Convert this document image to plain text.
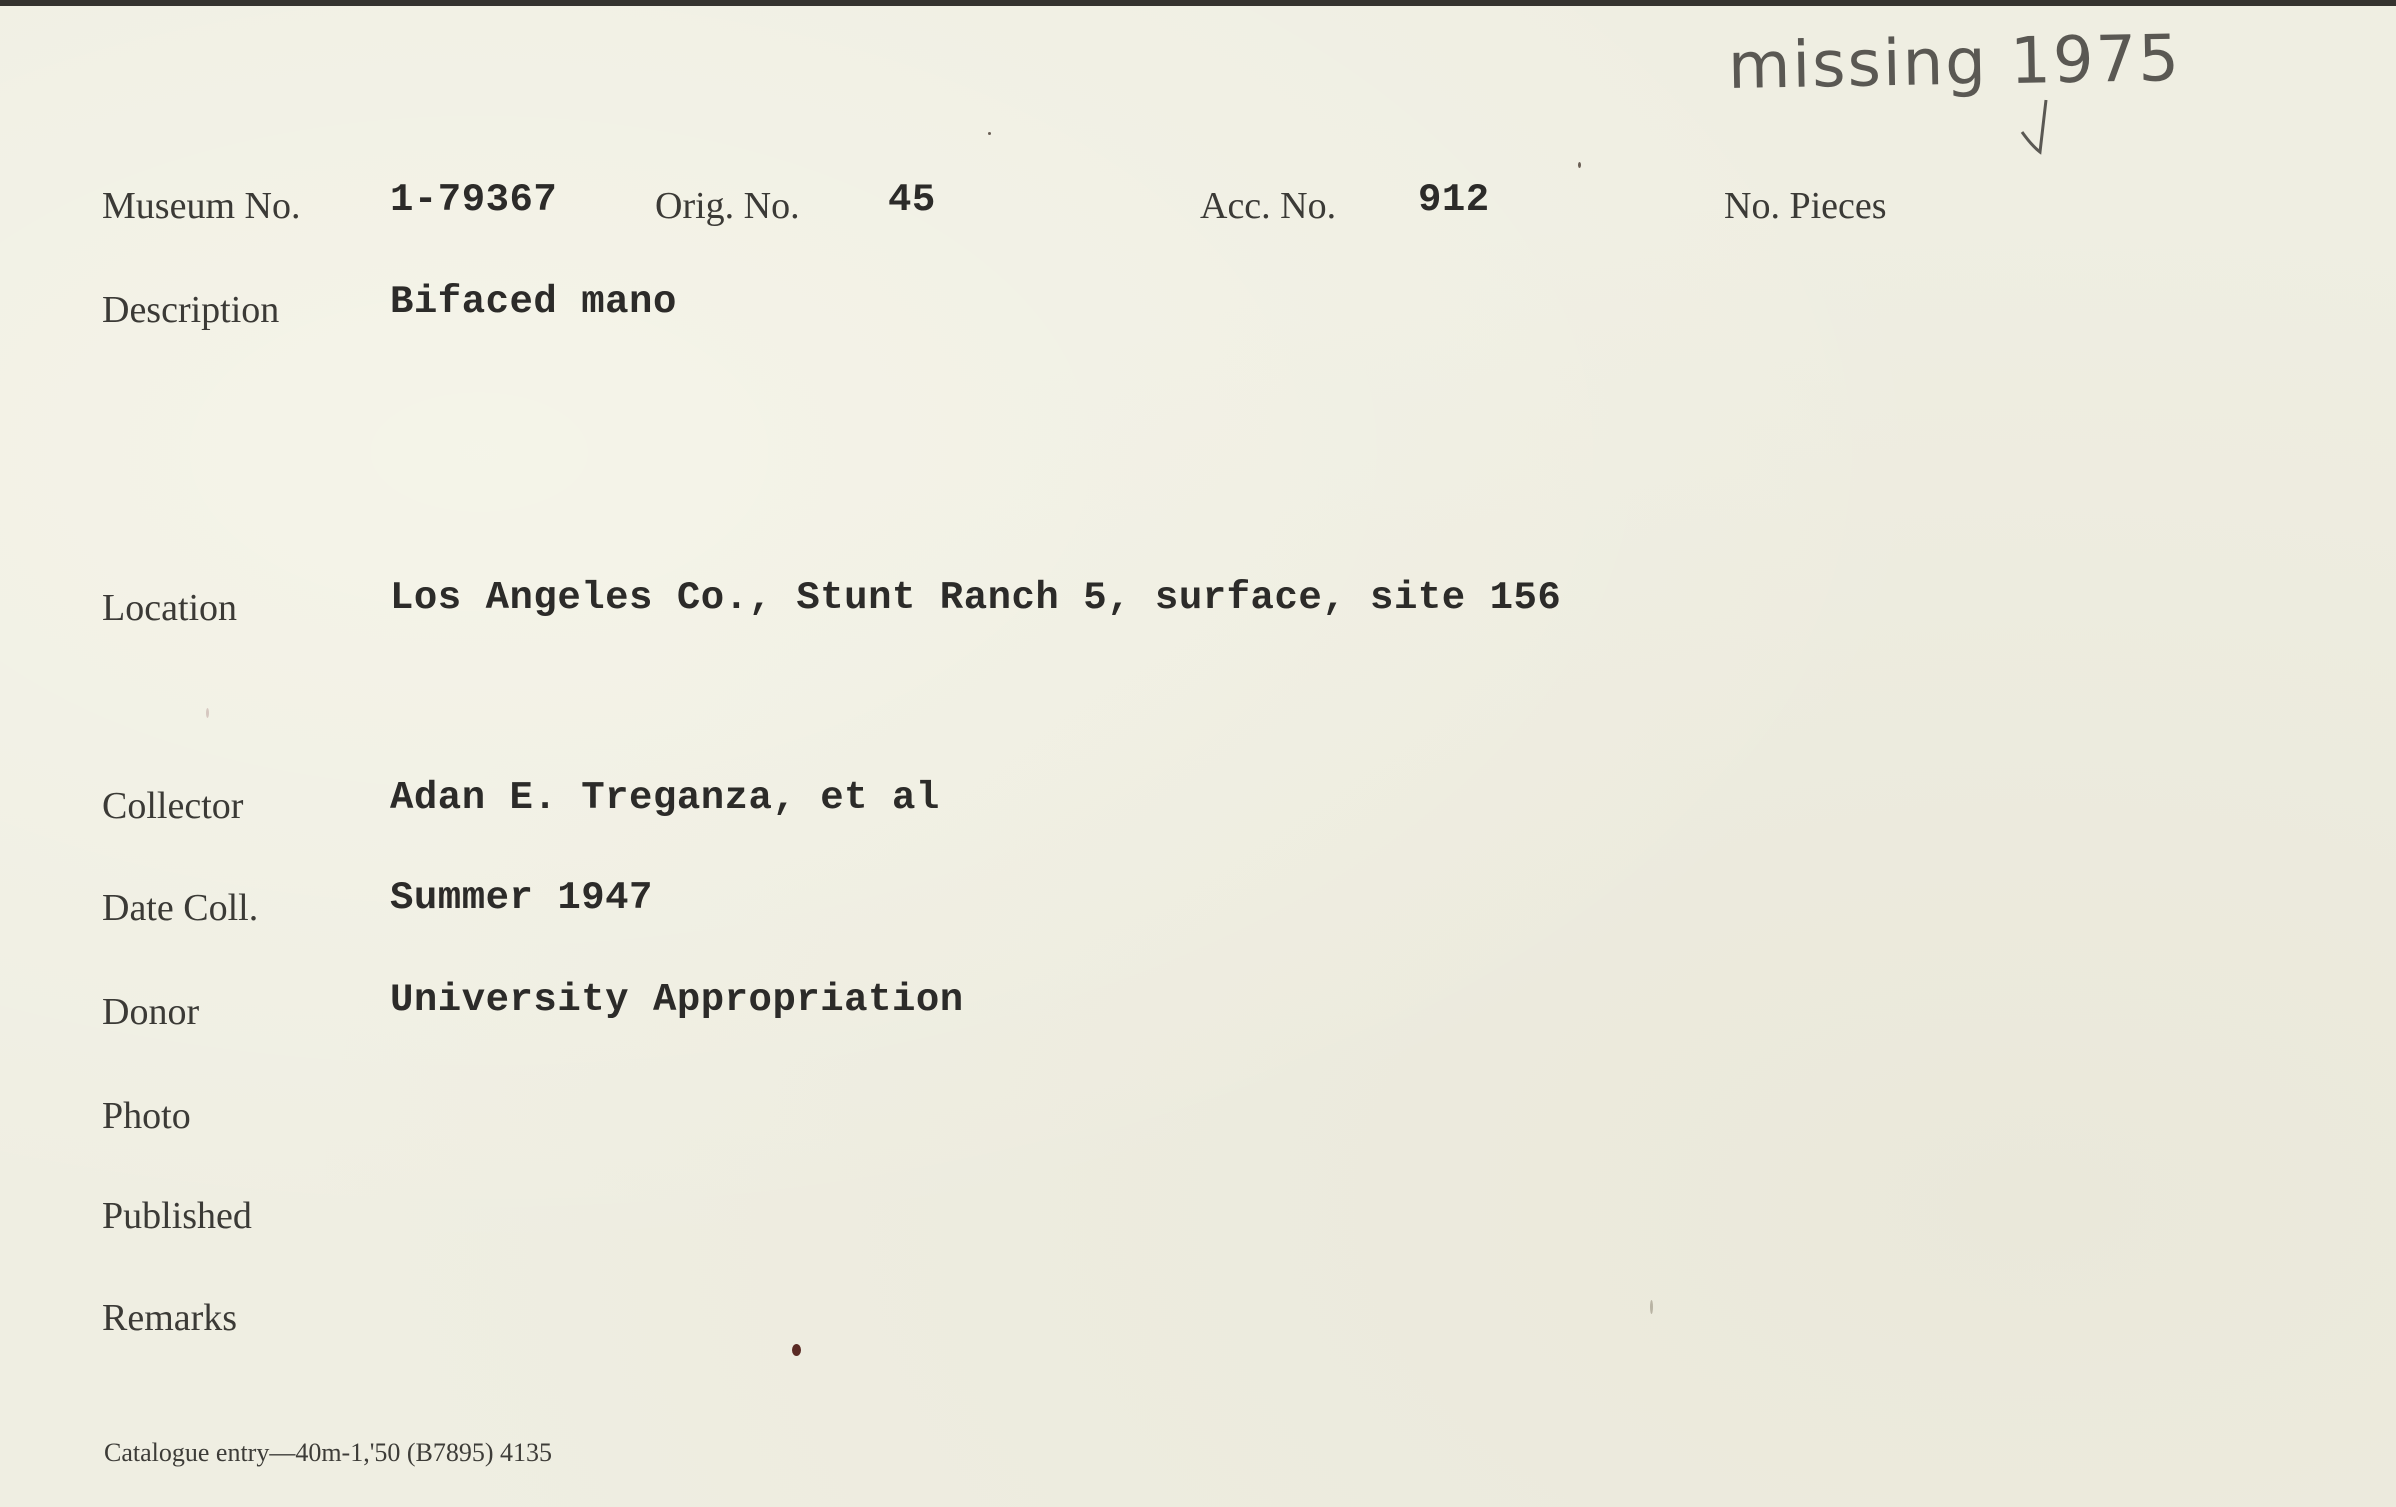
missing 1975
Museum No. 1-79367	Orig. No. 45	Acc. No. 912	No. Pieces
Description	Bifaced mano
Location	Los Angeles Co., Stunt Ranch 5, surface, site 156
Collector	Adan E. Treganza, et al
Date Coll.	Summer 1947
Donor	University Appropriation
Photo
Published
Remarks
Catalogue entry—40m-1,'50 (B7895) 4135
